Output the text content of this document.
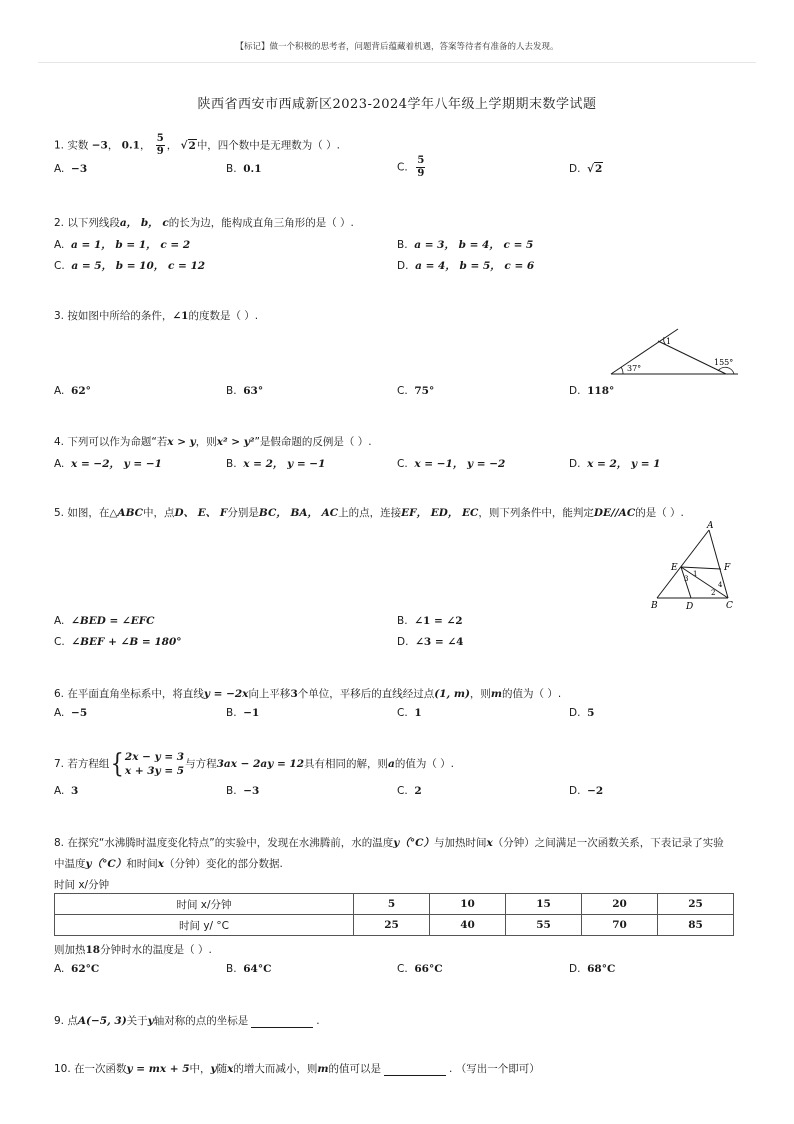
【标记】做一个积极的思考者，问题背后蕴藏着机遇，答案等待者有准备的人去发现。
陕西省西安市西咸新区2023-2024学年八年级上学期期末数学试题
1. 实数 −3， 0.1， $\frac{5}{9}$ ， √2中，四个数中是无理数为（ ）.
A. −3	B. 0.1	C. $\frac{5}{9}$	D. √2
2. 以下列线段a， b， c的长为边，能构成直角三角形的是（ ）.
A. a = 1， b = 1， c = 2	B. a = 3， b = 4， c = 5
C. a = 5， b = 10， c = 12	D. a = 4， b = 5， c = 6
3. 按如图中所给的条件，∠1的度数是（ ）.
1
37°
155°
A. 62°	B. 63°	C. 75°	D. 118°
4. 下列可以作为命题“若x > y，则x² > y²”是假命题的反例是（ ）.
A. x = −2， y = −1	B. x = 2， y = −1	C. x = −1， y = −2	D. x = 2， y = 1
5. 如图，在△ABC中，点D、 E、 F分别是BC， BA， AC上的点，连接EF， ED， EC，则下列条件中，能判定DE//AC的是（ ）.
A
B	C
D
E	F
1
2
3
4
A. ∠BED = ∠EFC	B. ∠1 = ∠2
C. ∠BEF + ∠B = 180°	D. ∠3 = ∠4
6. 在平面直角坐标系中，将直线y = −2x向上平移3个单位，平移后的直线经过点(1, m)，则m的值为（ ）.
A. −5	B. −1	C. 1	D. 5
7. 若方程组{ 2x − y = 3
x + 3y = 5
与方程3ax − 2ay = 12具有相同的解，则a的值为（ ）.
A. 3	B. −3	C. 2	D. −2
8. 在探究“水沸腾时温度变化特点”的实验中，发现在水沸腾前，水的温度y（°C）与加热时间x（分钟）之间满足一次函数关系，下表记录了实验
中温度y（°C）和时间x（分钟）变化的部分数据.
时间 x/分钟
时间 x/分钟	5	10	15	20	25
时间 y/ °C	25	40	55	70	85
则加热18分钟时水的温度是（ ）.
A. 62°C	B. 64°C	C. 66°C	D. 68°C
9. 点A(−5, 3)关于y轴对称的点的坐标是	.
10. 在一次函数y = mx + 5中，y随x的增大而减小，则m的值可以是	. （写出一个即可）
